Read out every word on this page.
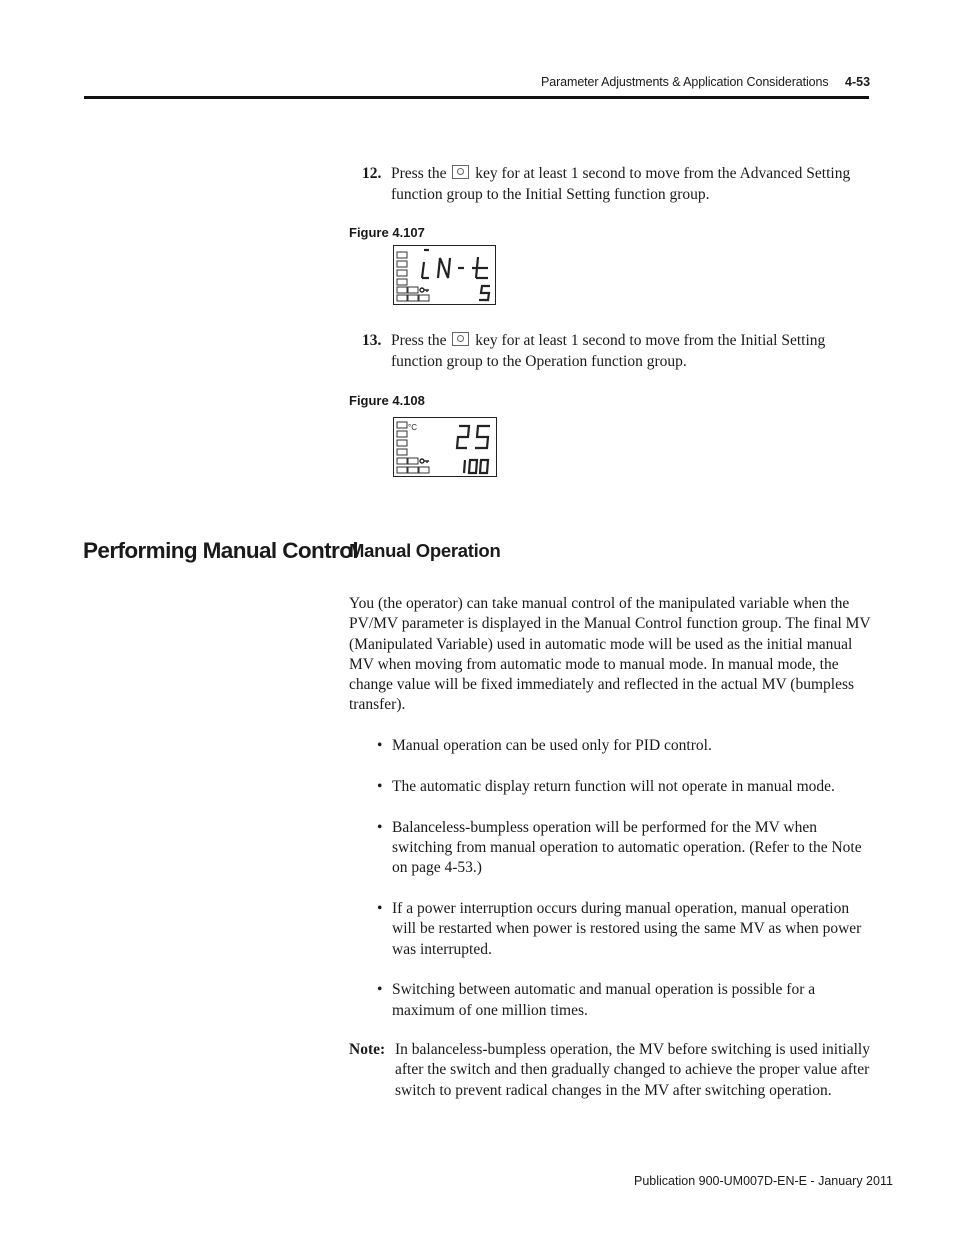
Parameter Adjustments & Application Considerations 4-53
12. Press the key for at least 1 second to move from the Advanced Setting function group to the Initial Setting function group.
Figure 4.107
13. Press the key for at least 1 second to move from the Initial Setting function group to the Operation function group.
Figure 4.108
°C
Performing Manual Control
Manual Operation
You (the operator) can take manual control of the manipulated variable when the PV/MV parameter is displayed in the Manual Control function group. The final MV (Manipulated Variable) used in automatic mode will be used as the initial manual MV when moving from automatic mode to manual mode. In manual mode, the change value will be fixed immediately and reflected in the actual MV (bumpless transfer).
• Manual operation can be used only for PID control.
• The automatic display return function will not operate in manual mode.
• Balanceless-bumpless operation will be performed for the MV when switching from manual operation to automatic operation. (Refer to the Note on page 4-53.)
• If a power interruption occurs during manual operation, manual operation will be restarted when power is restored using the same MV as when power was interrupted.
• Switching between automatic and manual operation is possible for a maximum of one million times.
Note: In balanceless-bumpless operation, the MV before switching is used initially after the switch and then gradually changed to achieve the proper value after switch to prevent radical changes in the MV after switching operation.
Publication 900-UM007D-EN-E - January 2011
